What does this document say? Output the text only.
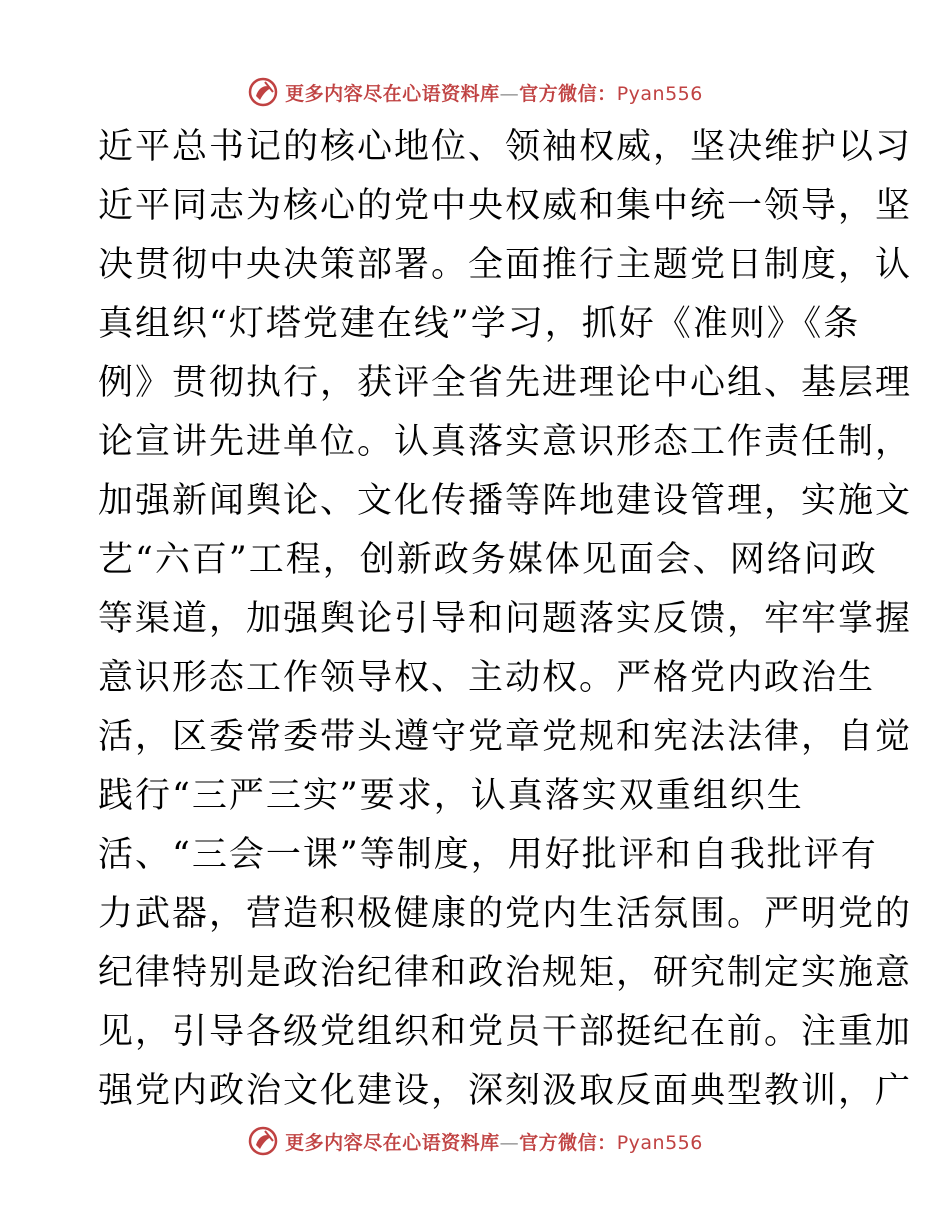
更多内容尽在心语资料库—官方微信：Pyan556
近平总书记的核心地位、领袖权威，坚决维护以习
近平同志为核心的党中央权威和集中统一领导，坚
决贯彻中央决策部署。全面推行主题党日制度，认
真组织“灯塔党建在线”学习，抓好《准则》《条
例》贯彻执行，获评全省先进理论中心组、基层理
论宣讲先进单位。认真落实意识形态工作责任制，
加强新闻舆论、文化传播等阵地建设管理，实施文
艺“六百”工程，创新政务媒体见面会、网络问政
等渠道，加强舆论引导和问题落实反馈，牢牢掌握
意识形态工作领导权、主动权。严格党内政治生
活，区委常委带头遵守党章党规和宪法法律，自觉
践行“三严三实”要求，认真落实双重组织生
活、“三会一课”等制度，用好批评和自我批评有
力武器，营造积极健康的党内生活氛围。严明党的
纪律特别是政治纪律和政治规矩，研究制定实施意
见，引导各级党组织和党员干部挺纪在前。注重加
强党内政治文化建设，深刻汲取反面典型教训，广
更多内容尽在心语资料库—官方微信：Pyan556
